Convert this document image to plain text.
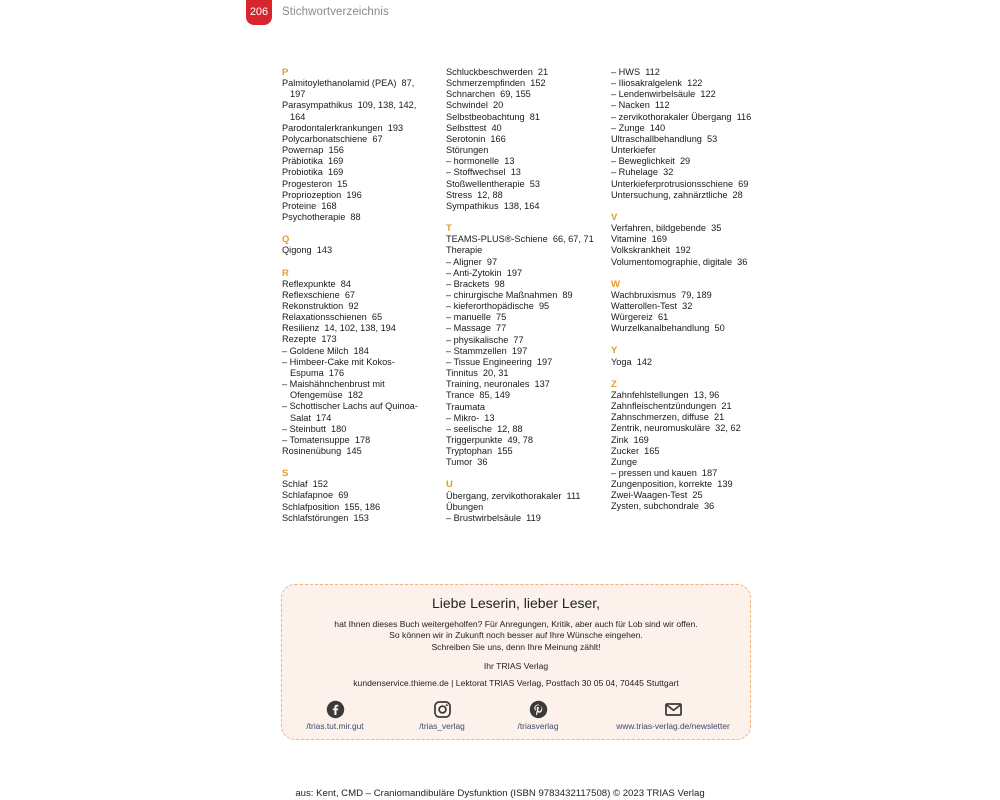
206	Stichwortverzeichnis
P
Palmitoylethanolamid (PEA)  87,
197
Parasympathikus  109, 138, 142,
164
Parodontalerkrankungen  193
Polycarbonatschiene  67
Powernap  156
Präbiotika  169
Probiotika  169
Progesteron  15
Propriozeption  196
Proteine  168
Psychotherapie  88
Q
Qigong  143
R
Reflexpunkte  84
Reflexschiene  67
Rekonstruktion  92
Relaxationsschienen  65
Resilienz  14, 102, 138, 194
Rezepte  173
– Goldene Milch  184
– Himbeer-Cake mit Kokos-
Espuma  176
– Maishähnchenbrust mit
Ofengemüse  182
– Schottischer Lachs auf Quinoa-
Salat  174
– Steinbutt  180
– Tomatensuppe  178
Rosinenübung  145
S
Schlaf  152
Schlafapnoe  69
Schlafposition  155, 186
Schlafstörungen  153
Schluckbeschwerden  21
Schmerzempfinden  152
Schnarchen  69, 155
Schwindel  20
Selbstbeobachtung  81
Selbsttest  40
Serotonin  166
Störungen
– hormonelle  13
– Stoffwechsel  13
Stoßwellentherapie  53
Stress  12, 88
Sympathikus  138, 164
T
TEAMS-PLUS®-Schiene  66, 67, 71
Therapie
– Aligner  97
– Anti-Zytokin  197
– Brackets  98
– chirurgische Maßnahmen  89
– kieferorthopädische  95
– manuelle  75
– Massage  77
– physikalische  77
– Stammzellen  197
– Tissue Engineering  197
Tinnitus  20, 31
Training, neuronales  137
Trance  85, 149
Traumata
– Mikro-  13
– seelische  12, 88
Triggerpunkte  49, 78
Tryptophan  155
Tumor  36
U
Übergang, zervikothorakaler  111
Übungen
– Brustwirbelsäule  119
– HWS  112
– Iliosakralgelenk  122
– Lendenwirbelsäule  122
– Nacken  112
– zervikothorakaler Übergang  116
– Zunge  140
Ultraschallbehandlung  53
Unterkiefer
– Beweglichkeit  29
– Ruhelage  32
Unterkieferprotrusionsschiene  69
Untersuchung, zahnärztliche  28
V
Verfahren, bildgebende  35
Vitamine  169
Volkskrankheit  192
Volumentomographie, digitale  36
W
Wachbruxismus  79, 189
Watterollen-Test  32
Würgereiz  61
Wurzelkanalbehandlung  50
Y
Yoga  142
Z
Zahnfehlstellungen  13, 96
Zahnfleischentzündungen  21
Zahnschmerzen, diffuse  21
Zentrik, neuromuskuläre  32, 62
Zink  169
Zucker  165
Zunge
– pressen und kauen  187
Zungenposition, korrekte  139
Zwei-Waagen-Test  25
Zysten, subchondrale  36
Liebe Leserin, lieber Leser,
hat Ihnen dieses Buch weitergeholfen? Für Anregungen, Kritik, aber auch für Lob sind wir offen.
So können wir in Zukunft noch besser auf Ihre Wünsche eingehen.
Schreiben Sie uns, denn Ihre Meinung zählt!
Ihr TRIAS Verlag
kundenservice.thieme.de | Lektorat TRIAS Verlag, Postfach 30 05 04, 70445 Stuttgart
/trias.tut.mir.gut	/trias_verlag	/triasverlag	www.trias-verlag.de/newsletter
aus: Kent, CMD – Craniomandibuläre Dysfunktion (ISBN 9783432117508) © 2023 TRIAS Verlag
